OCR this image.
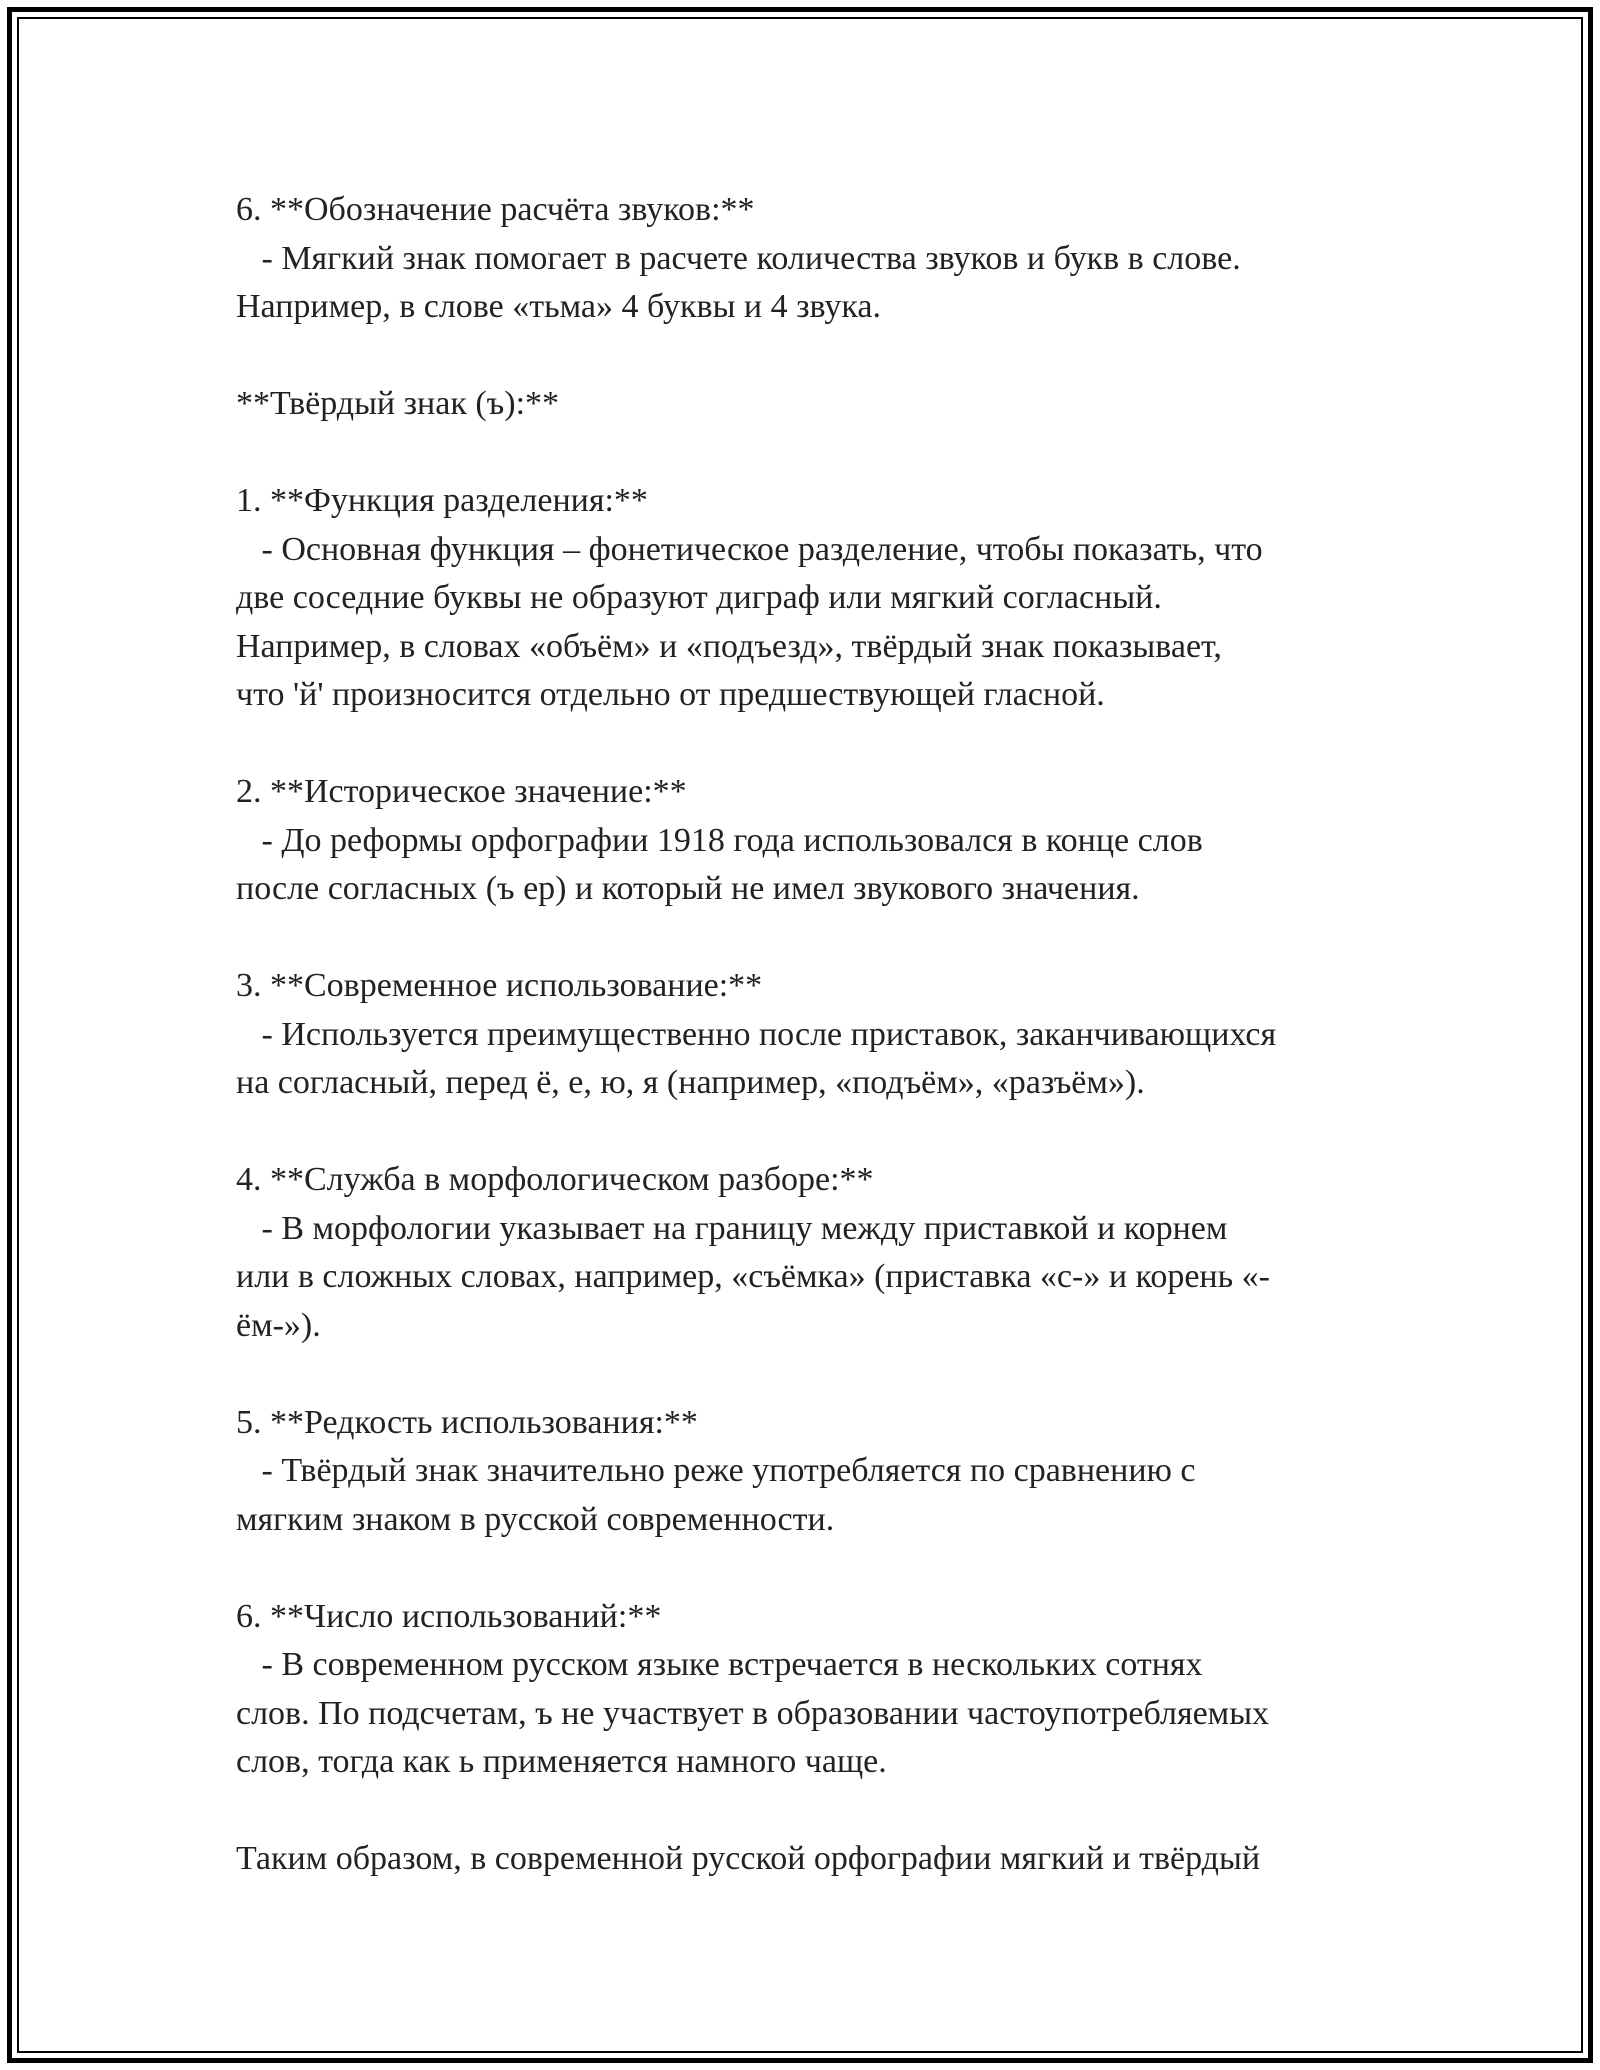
6. **Обозначение расчёта звуков:**
- Мягкий знак помогает в расчете количества звуков и букв в слове.
Например, в слове «тьма» 4 буквы и 4 звука.
**Твёрдый знак (ъ):**
1. **Функция разделения:**
- Основная функция – фонетическое разделение, чтобы показать, что
две соседние буквы не образуют диграф или мягкий согласный.
Например, в словах «объём» и «подъезд», твёрдый знак показывает,
что 'й' произносится отдельно от предшествующей гласной.
2. **Историческое значение:**
- До реформы орфографии 1918 года использовался в конце слов
после согласных (ъ ер) и который не имел звукового значения.
3. **Современное использование:**
- Используется преимущественно после приставок, заканчивающихся
на согласный, перед ё, е, ю, я (например, «подъём», «разъём»).
4. **Служба в морфологическом разборе:**
- В морфологии указывает на границу между приставкой и корнем
или в сложных словах, например, «съёмка» (приставка «с-» и корень «-
ём-»).
5. **Редкость использования:**
- Твёрдый знак значительно реже употребляется по сравнению с
мягким знаком в русской современности.
6. **Число использований:**
- В современном русском языке встречается в нескольких сотнях
слов. По подсчетам, ъ не участвует в образовании частоупотребляемых
слов, тогда как ь применяется намного чаще.
Таким образом, в современной русской орфографии мягкий и твёрдый
